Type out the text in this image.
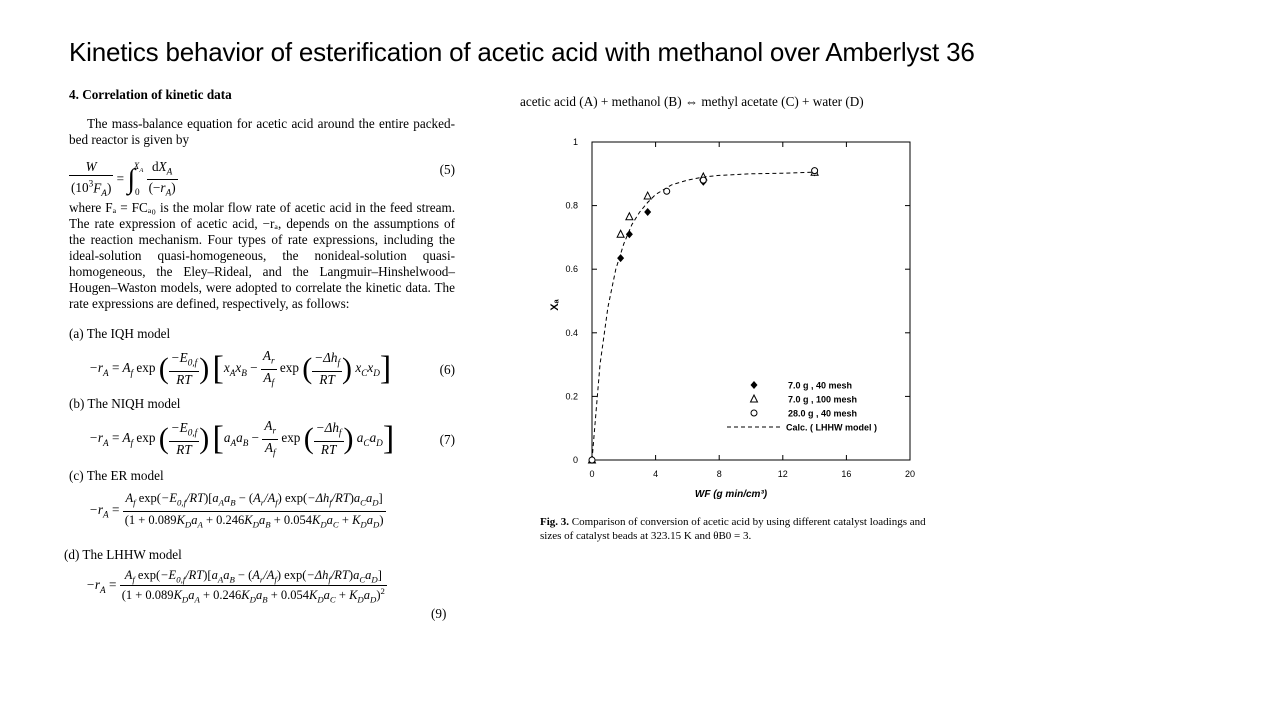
Kinetics behavior of esterification of acetic acid with methanol over Amberlyst 36
4. Correlation of kinetic data

The mass-balance equation for acetic acid around the entire packed-bed reactor is given by

$\frac{W}{(10^3F_A)} = \int_0^{X_A} \frac{dX_A}{(-r_A)}$	(5)

where Fₐ = FCₐ₀ is the molar flow rate of acetic acid in the feed stream. The rate expression of acetic acid, −rₐ, depends on the assumptions of the reaction mechanism. Four types of rate expressions, including the ideal-solution quasi-homogeneous, the nonideal-solution quasi-homogeneous, the Eley–Rideal, and the Langmuir–Hinshelwood–Hougen–Waston models, were adopted to correlate the kinetic data. The rate expressions are defined, respectively, as follows:

(a) The IQH model
$-r_A = A_f$ exp ( $\frac{-E_{0,f}}{RT}$ ) [$x_Ax_B - \frac{A_r}{A_f}$ exp ( $\frac{-\Delta h_f}{RT}$ ) $x_Cx_D$]	(6)
(b) The NIQH model
$-r_A = A_f$ exp ( $\frac{-E_{0,f}}{RT}$ ) [$a_Aa_B - \frac{A_r}{A_f}$ exp ( $\frac{-\Delta h_f}{RT}$ ) $a_Ca_D$]	(7)
(c) The ER model
$-r_A = \frac{A_f \exp(-E_{0,f}/RT)[a_Aa_B - (A_r/A_f) \exp(-\Delta h_f/RT)a_Ca_D]}{(1 + 0.089K_Da_A + 0.246K_Da_B + 0.054K_Da_C + K_Da_D)}$
(d) The LHHW model
$-r_A = \frac{A_f \exp(-E_{0,f}/RT)[a_Aa_B - (A_r/A_f) \exp(-\Delta h_f/RT)a_Ca_D]}{(1 + 0.089K_Da_A + 0.246K_Da_B + 0.054K_Da_C + K_Da_D)^2}$
(9)
acetic acid (A) + methanol (B) ⇔ methyl acetate (C) + water (D)
0	4	8	12	16	20
0
0.2
0.4
0.6
0.8
1
WF (g min/cm³)
Xₐ
7.0 g , 40 mesh
7.0 g , 100 mesh
28.0 g , 40 mesh
Calc. ( LHHW model )
Fig. 3. Comparison of conversion of acetic acid by using different catalyst loadings and sizes of catalyst beads at 323.15 K and θB0 = 3.
